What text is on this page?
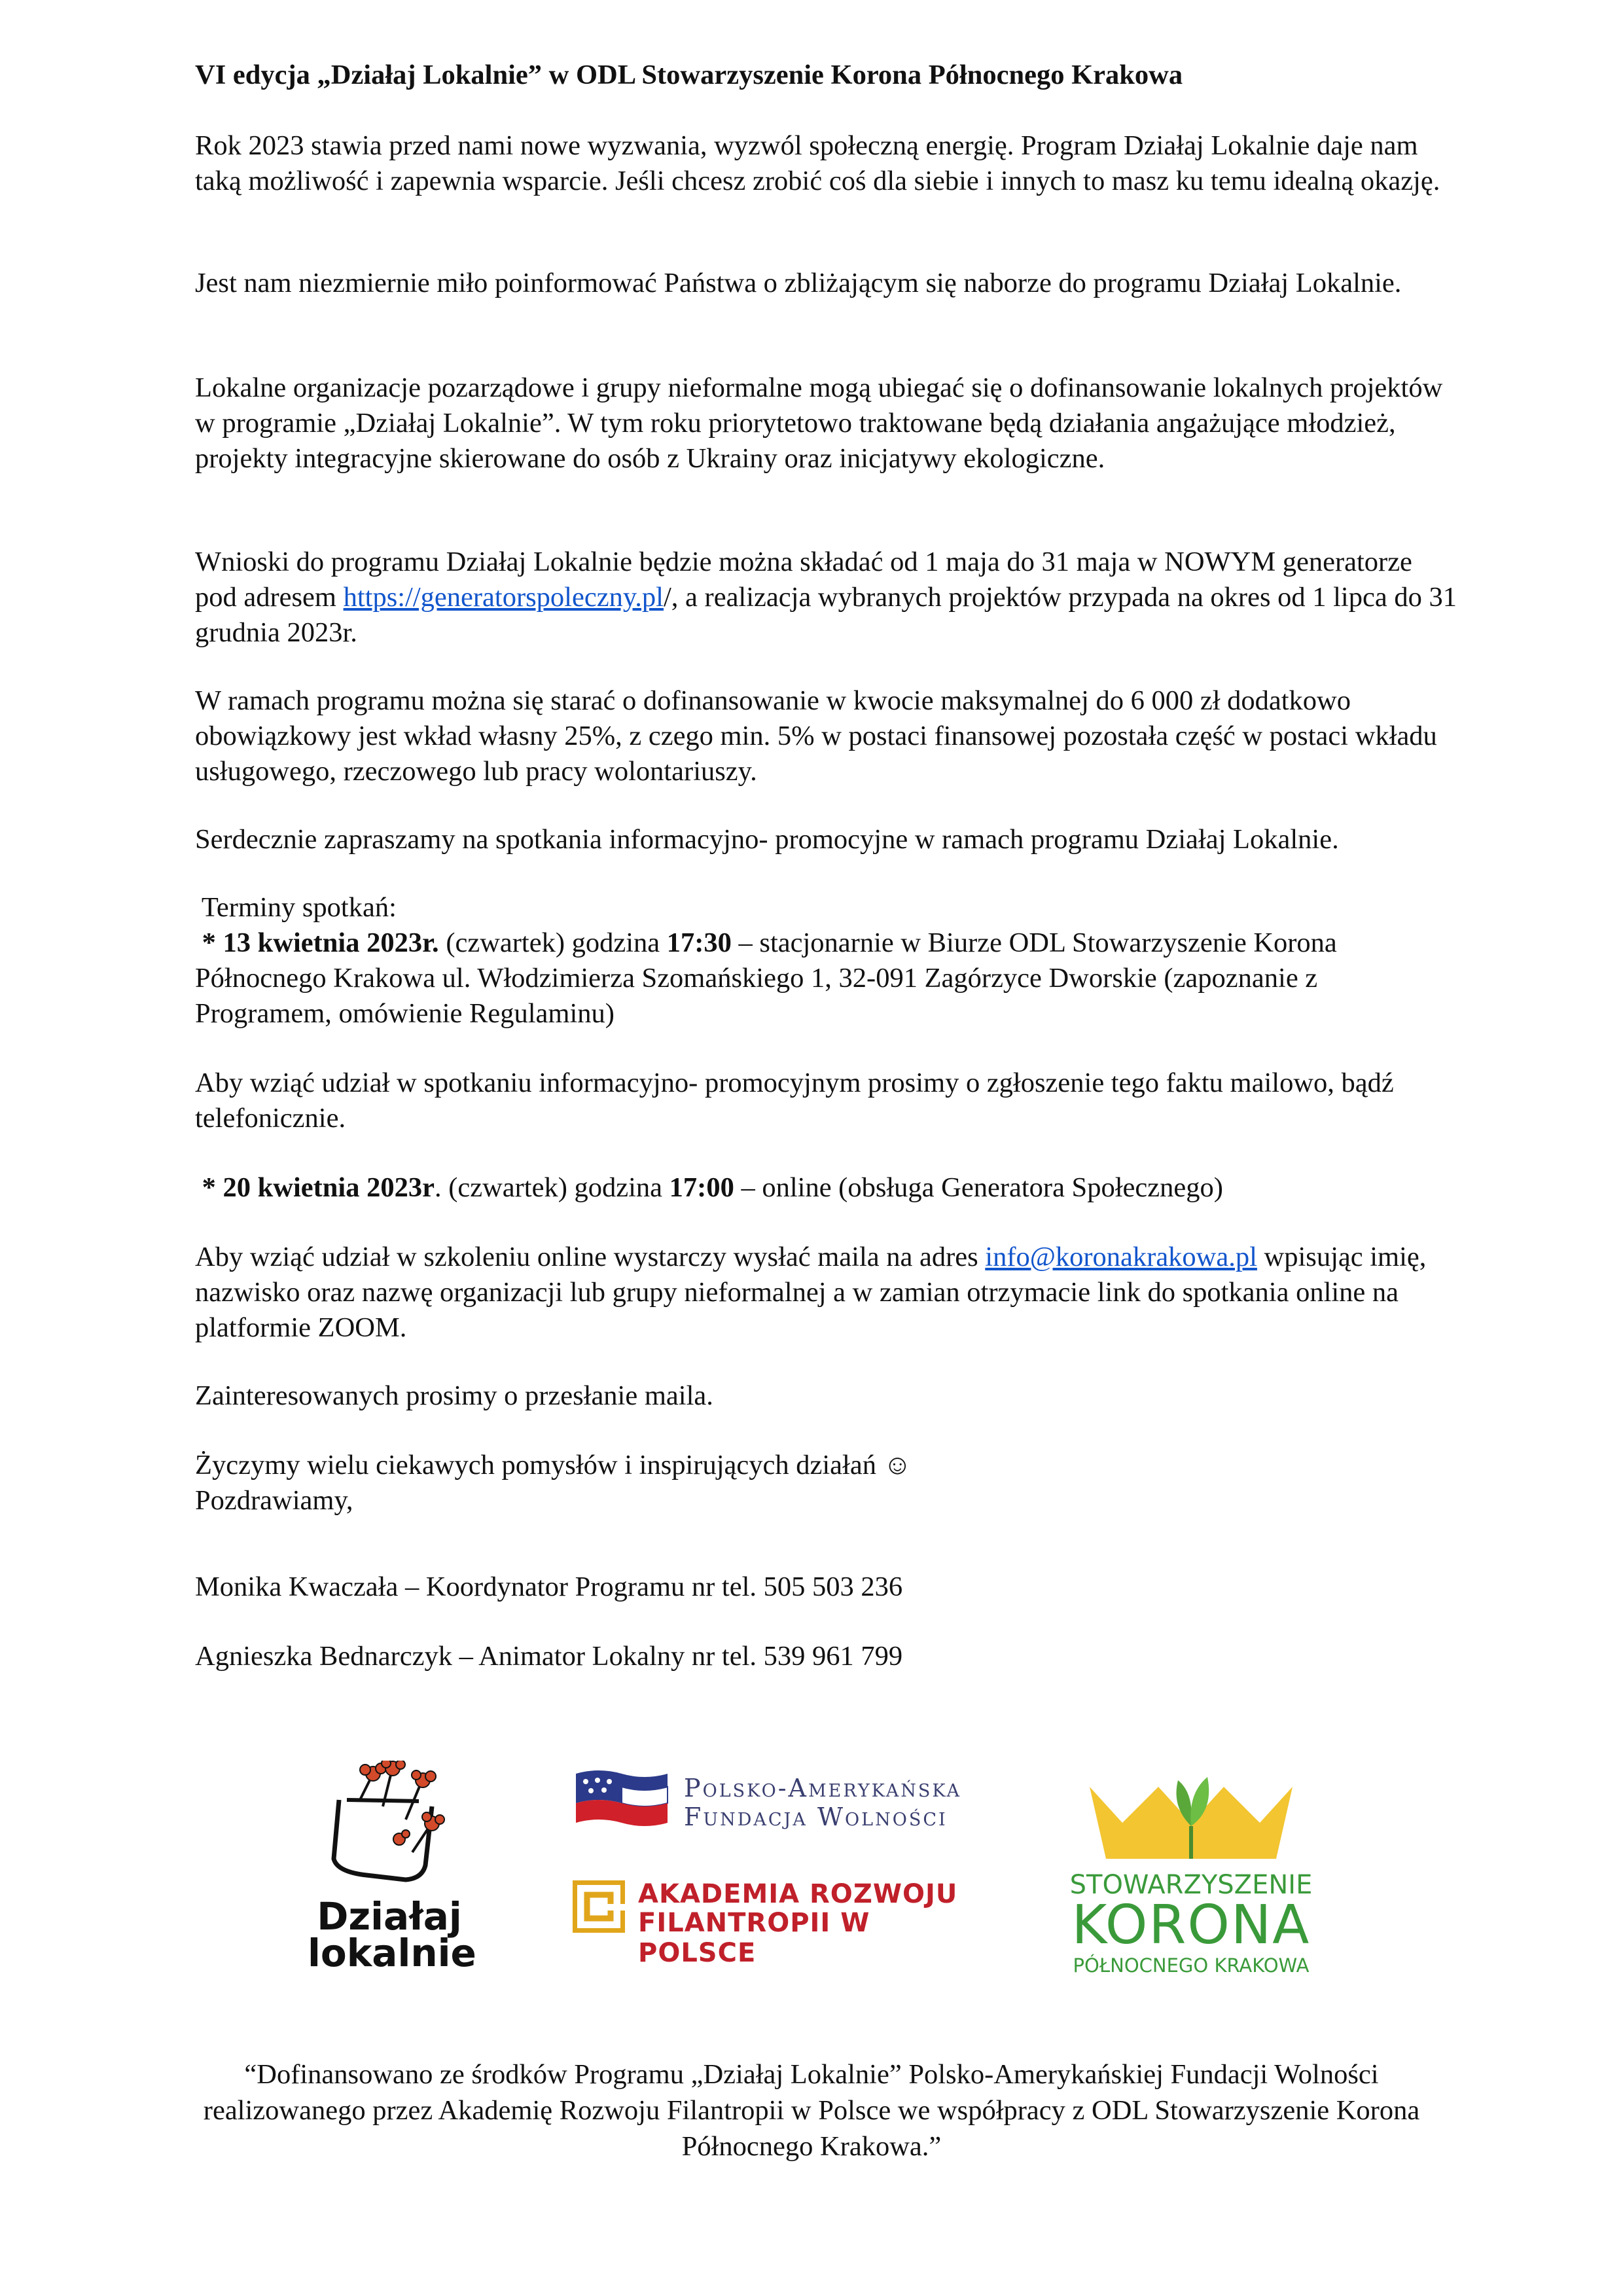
VI edycja „Działaj Lokalnie” w ODL Stowarzyszenie Korona Północnego Krakowa

Rok 2023 stawia przed nami nowe wyzwania, wyzwól społeczną energię. Program Działaj Lokalnie daje nam taką możliwość i zapewnia wsparcie. Jeśli chcesz zrobić coś dla siebie i innych to masz ku temu idealną okazję.

Jest nam niezmiernie miło poinformować Państwa o zbliżającym się naborze do programu Działaj Lokalnie.

Lokalne organizacje pozarządowe i grupy nieformalne mogą ubiegać się o dofinansowanie lokalnych projektów w programie „Działaj Lokalnie”. W tym roku priorytetowo traktowane będą działania angażujące młodzież, projekty integracyjne skierowane do osób z Ukrainy oraz inicjatywy ekologiczne.

Wnioski do programu Działaj Lokalnie będzie można składać od 1 maja do 31 maja w NOWYM generatorze pod adresem https://generatorspoleczny.pl/, a realizacja wybranych projektów przypada na okres od 1 lipca do 31 grudnia 2023r.

W ramach programu można się starać o dofinansowanie w kwocie maksymalnej do 6 000 zł dodatkowo obowiązkowy jest wkład własny 25%, z czego min. 5% w postaci finansowej pozostała część w postaci wkładu usługowego, rzeczowego lub pracy wolontariuszy.

Serdecznie zapraszamy na spotkania informacyjno- promocyjne w ramach programu Działaj Lokalnie.

Terminy spotkań:

* 13 kwietnia 2023r. (czwartek) godzina 17:30 – stacjonarnie w Biurze ODL Stowarzyszenie Korona Północnego Krakowa ul. Włodzimierza Szomańskiego 1, 32-091 Zagórzyce Dworskie (zapoznanie z Programem, omówienie Regulaminu)

Aby wziąć udział w spotkaniu informacyjno- promocyjnym prosimy o zgłoszenie tego faktu mailowo, bądź telefonicznie.

* 20 kwietnia 2023r. (czwartek) godzina 17:00 – online (obsługa Generatora Społecznego)

Aby wziąć udział w szkoleniu online wystarczy wysłać maila na adres info@koronakrakowa.pl wpisując imię, nazwisko oraz nazwę organizacji lub grupy nieformalnej a w zamian otrzymacie link do spotkania online na platformie ZOOM.

Zainteresowanych prosimy o przesłanie maila.

Życzymy wielu ciekawych pomysłów i inspirujących działań ☺

Pozdrawiamy,

Monika Kwaczała – Koordynator Programu nr tel. 505 503 236

Agnieszka Bednarczyk – Animator Lokalny nr tel. 539 961 799

Działaj
lokalnie
Polsko-Amerykańska
Fundacja Wolności
AKADEMIA ROZWOJU
FILANTROPII W POLSCE
STOWARZYSZENIE
KORONA
PÓŁNOCNEGO KRAKOWA
“Dofinansowano ze środków Programu „Działaj Lokalnie” Polsko-Amerykańskiej Fundacji Wolności realizowanego przez Akademię Rozwoju Filantropii w Polsce we współpracy z ODL Stowarzyszenie Korona Północnego Krakowa.”
